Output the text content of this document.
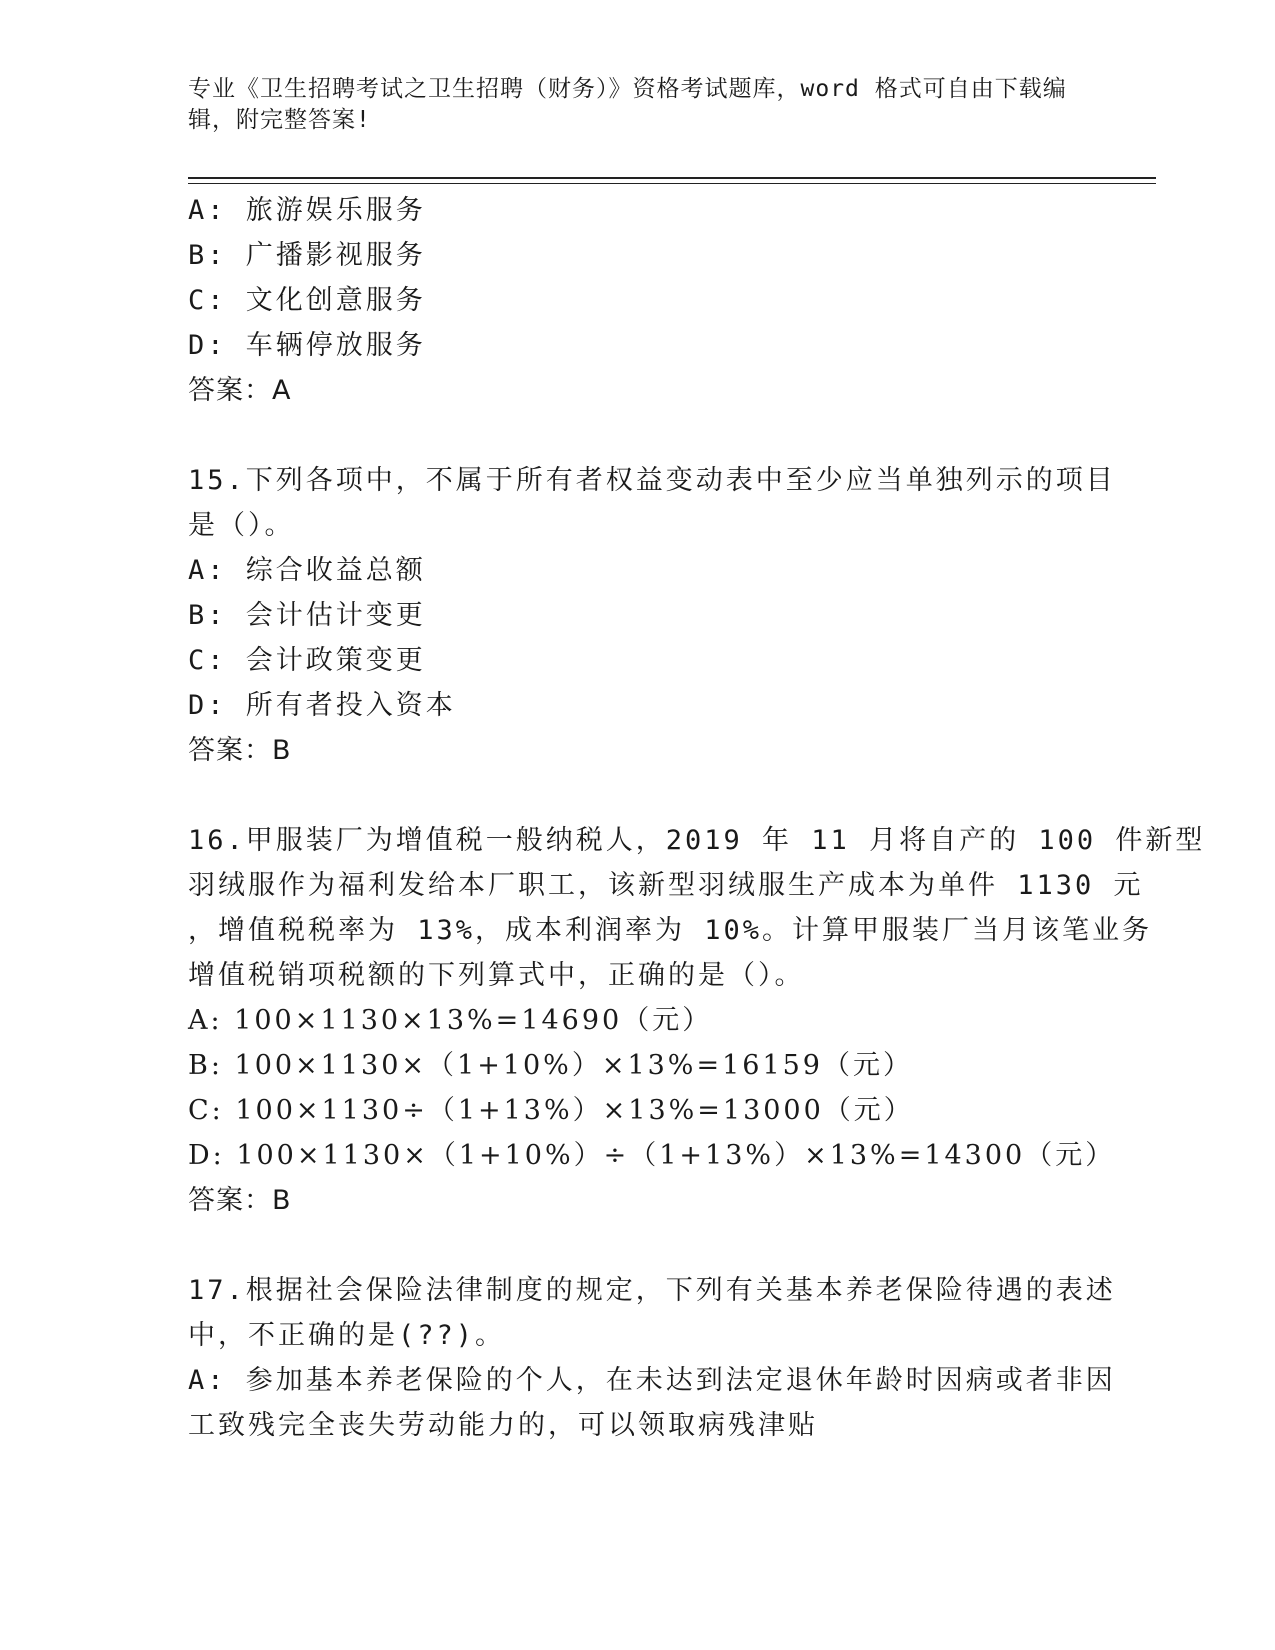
专业《卫生招聘考试之卫生招聘（财务）》资格考试题库，word 格式可自由下载编辑，附完整答案!
A: 旅游娱乐服务
B: 广播影视服务
C: 文化创意服务
D: 车辆停放服务
答案：A
15.下列各项中，不属于所有者权益变动表中至少应当单独列示的项目
是（）。
A: 综合收益总额
B: 会计估计变更
C: 会计政策变更
D: 所有者投入资本
答案：B
16.甲服装厂为增值税一般纳税人，2019 年 11 月将自产的 100 件新型
羽绒服作为福利发给本厂职工，该新型羽绒服生产成本为单件 1130 元
，增值税税率为 13%，成本利润率为 10%。计算甲服装厂当月该笔业务
增值税销项税额的下列算式中，正确的是（）。
A: 100×1130×13%=14690（元）
B: 100×1130×（1+10%）×13%=16159（元）
C: 100×1130÷（1+13%）×13%=13000（元）
D: 100×1130×（1+10%）÷（1+13%）×13%=14300（元）
答案：B
17.根据社会保险法律制度的规定，下列有关基本养老保险待遇的表述
中，不正确的是(??)。
A: 参加基本养老保险的个人，在未达到法定退休年龄时因病或者非因
工致残完全丧失劳动能力的，可以领取病残津贴
